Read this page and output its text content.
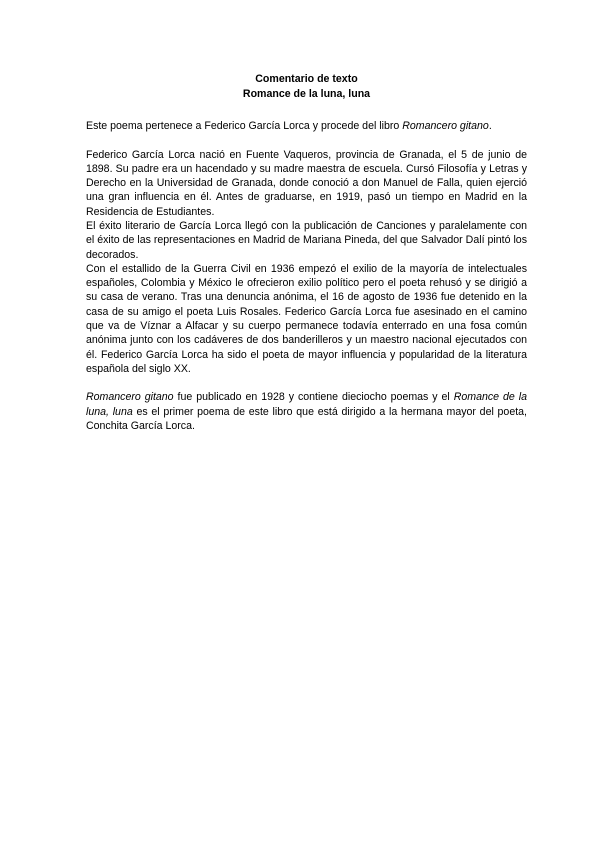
Comentario de texto
Romance de la luna, luna
Este poema pertenece a Federico García Lorca y procede del libro Romancero gitano.

Federico García Lorca nació en Fuente Vaqueros, provincia de Granada, el 5 de junio de 1898. Su padre era un hacendado y su madre maestra de escuela. Cursó Filosofía y Letras y Derecho en la Universidad de Granada, donde conoció a don Manuel de Falla, quien ejerció una gran influencia en él. Antes de graduarse, en 1919, pasó un tiempo en Madrid en la Residencia de Estudiantes.

El éxito literario de García Lorca llegó con la publicación de Canciones y paralelamente con el éxito de las representaciones en Madrid de Mariana Pineda, del que Salvador Dalí pintó los decorados.

Con el estallido de la Guerra Civil en 1936 empezó el exilio de la mayoría de intelectuales españoles, Colombia y México le ofrecieron exilio político pero el poeta rehusó y se dirigió a su casa de verano. Tras una denuncia anónima, el 16 de agosto de 1936 fue detenido en la casa de su amigo el poeta Luis Rosales. Federico García Lorca fue asesinado en el camino que va de Víznar a Alfacar y su cuerpo permanece todavía enterrado en una fosa común anónima junto con los cadáveres de dos banderilleros y un maestro nacional ejecutados con él. Federico García Lorca ha sido el poeta de mayor influencia y popularidad de la literatura española del siglo XX.

Romancero gitano fue publicado en 1928 y contiene dieciocho poemas y el Romance de la luna, luna es el primer poema de este libro que está dirigido a la hermana mayor del poeta, Conchita García Lorca.
